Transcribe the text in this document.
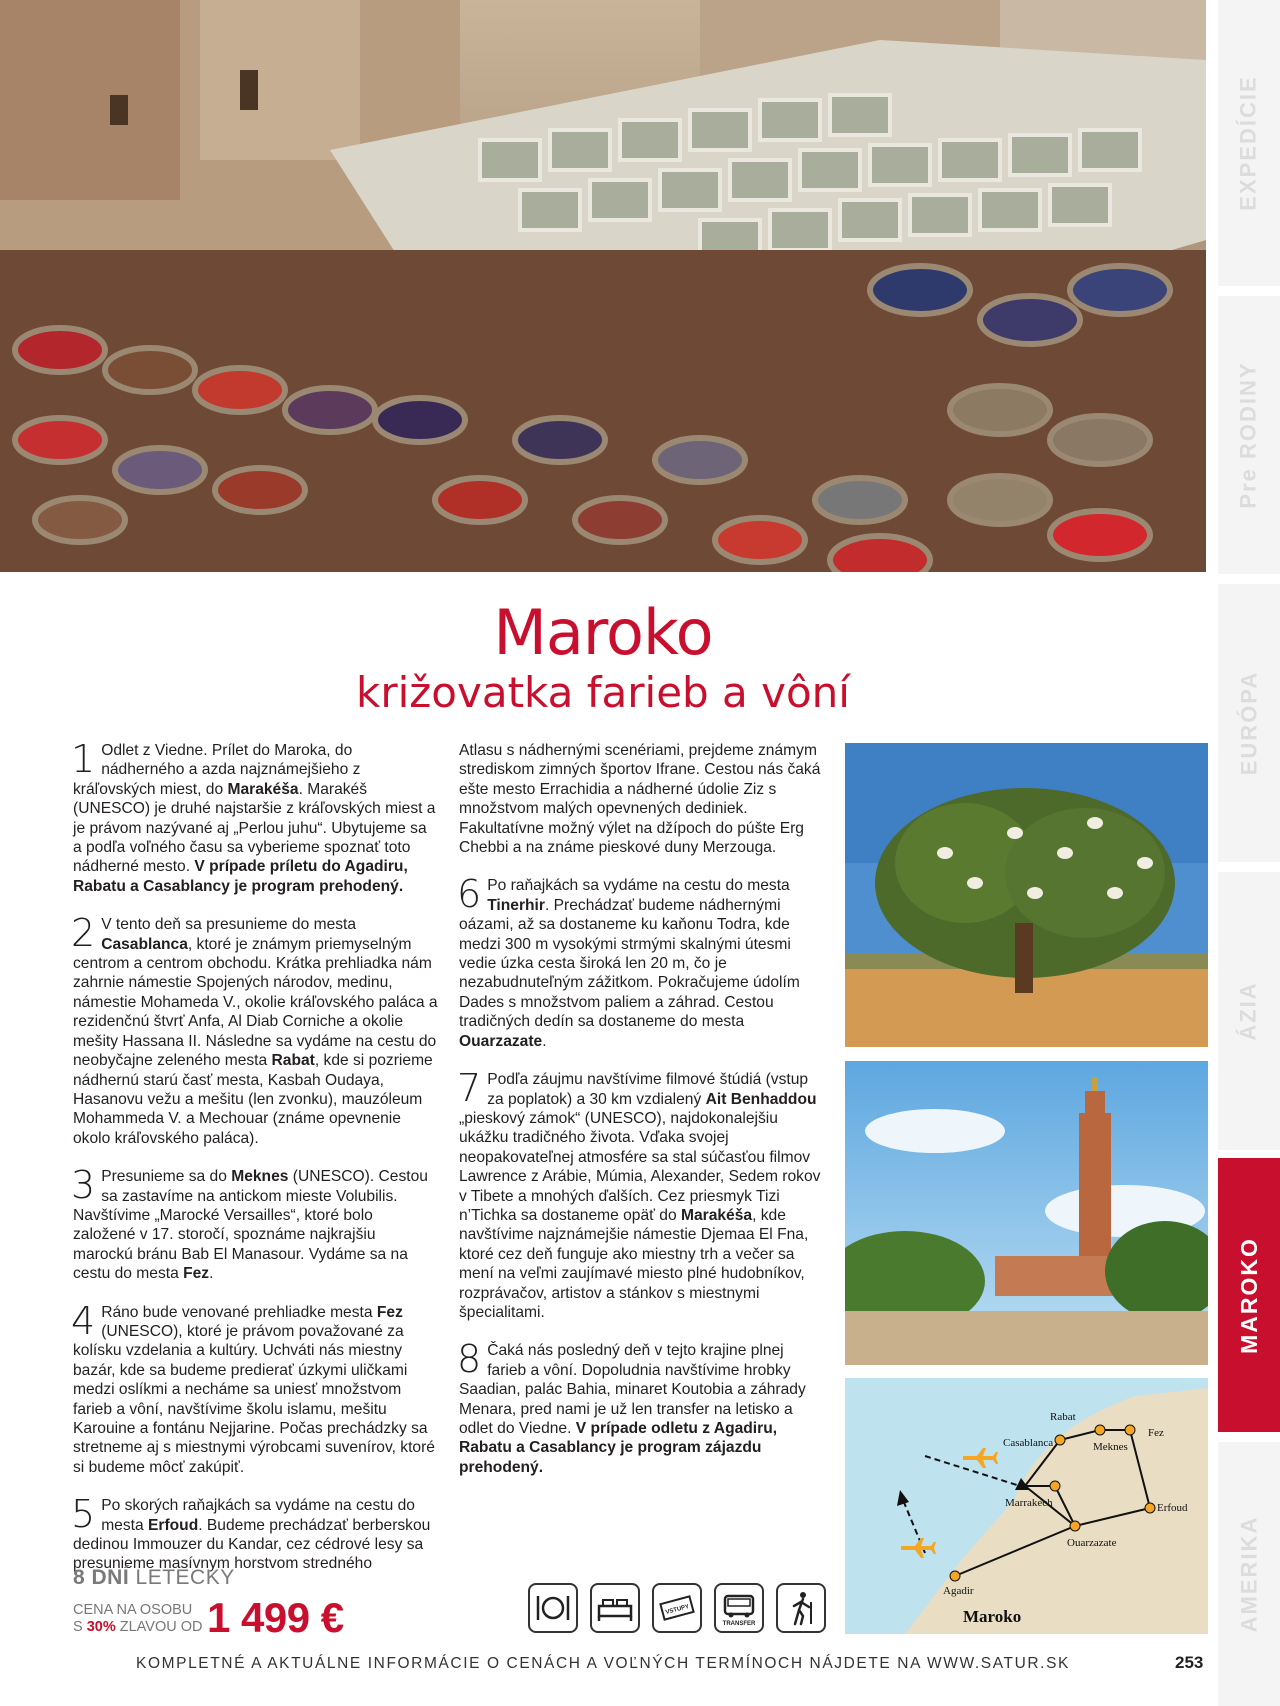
EXPEDÍCIE
Pre RODINY
EURÓPA
ÁZIA
MAROKO
AMERIKA
Maroko
križovatka farieb a vôní
1 Odlet z Viedne. Prílet do Maroka, do nádherného a azda najznámejšieho z kráľovských miest, do Marakéša. Marakéš (UNESCO) je druhé najstaršie z kráľovských miest a je právom nazývané aj „Perlou juhu“. Ubytujeme sa a podľa voľného času sa vyberieme spoznať toto nádherné mesto. V prípade príletu do Agadiru, Rabatu a Casablancy je program prehodený.

2 V tento deň sa presunieme do mesta Casablanca, ktoré je známym priemyselným centrom a centrom obchodu. Krátka prehliadka nám zahrnie námestie Spojených národov, medinu, námestie Mohameda V., okolie kráľovského paláca a rezidenčnú štvrť Anfa, Al Diab Corniche a okolie mešity Hassana II. Následne sa vydáme na cestu do neobyčajne zeleného mesta Rabat, kde si pozrieme nádhernú starú časť mesta, Kasbah Oudaya, Hasanovu vežu a mešitu (len zvonku), mauzóleum Mohammeda V. a Mechouar (známe opevnenie okolo kráľovského paláca).

3 Presunieme sa do Meknes (UNESCO). Cestou sa zastavíme na antickom mieste Volubilis. Navštívime „Marocké Versailles“, ktoré bolo založené v 17. storočí, spoznáme najkrajšiu marockú bránu Bab El Manasour. Vydáme sa na cestu do mesta Fez.

4 Ráno bude venované prehliadke mesta Fez (UNESCO), ktoré je právom považované za kolísku vzdelania a kultúry. Uchváti nás miestny bazár, kde sa budeme predierať úzkymi uličkami medzi oslíkmi a necháme sa uniesť množstvom farieb a vôní, navštívime školu islamu, mešitu Karouine a fontánu Nejjarine. Počas prechádzky sa stretneme aj s miestnymi výrobcami suvenírov, ktoré si budeme môcť zakúpiť.

5 Po skorých raňajkách sa vydáme na cestu do mesta Erfoud. Budeme prechádzať berberskou dedinou Immouzer du Kandar, cez cédrové lesy sa presunieme masívnym horstvom stredného

Atlasu s nádhernými scenériami, prejdeme známym strediskom zimných športov Ifrane. Cestou nás čaká ešte mesto Errachidia a nádherné údolie Ziz s množstvom malých opevnených dediniek. Fakultatívne možný výlet na džípoch do púšte Erg Chebbi a na známe pieskové duny Merzouga.

6 Po raňajkách sa vydáme na cestu do mesta Tinerhir. Prechádzať budeme nádhernými oázami, až sa dostaneme ku kaňonu Todra, kde medzi 300 m vysokými strmými skalnými útesmi vedie úzka cesta široká len 20 m, čo je nezabudnuteľným zážitkom. Pokračujeme údolím Dades s množstvom paliem a záhrad. Cestou tradičných dedín sa dostaneme do mesta Ouarzazate.

7 Podľa záujmu navštívime filmové štúdiá (vstup za poplatok) a 30 km vzdialený Ait Benhaddou „pieskový zámok“ (UNESCO), najdokonalejšiu ukážku tradičného života. Vďaka svojej neopakovateľnej atmosfére sa stal súčasťou filmov Lawrence z Arábie, Múmia, Alexander, Sedem rokov v Tibete a mnohých ďalších. Cez priesmyk Tizi n’Tichka sa dostaneme opäť do Marakéša, kde navštívime najznámejšie námestie Djemaa El Fna, ktoré cez deň funguje ako miestny trh a večer sa mení na veľmi zaujímavé miesto plné hudobníkov, rozprávačov, artistov a stánkov s miestnymi špecialitami.

8 Čaká nás posledný deň v tejto krajine plnej farieb a vôní. Dopoludnia navštívime hrobky Saadian, palác Bahia, minaret Koutobia a záhrady Menara, pred nami je už len transfer na letisko a odlet do Viedne. V prípade odletu z Agadiru, Rabatu a Casablancy je program zájazdu prehodený.

Rabat
Casablanca	Meknes
Fez
Marrakech	Erfoud
Ouarzazate
Agadir
Maroko
8 DNÍ LETECKY
CENA NA OSOBU
S 30% ZLAVOU OD 1 499 €	VSTUPY
TRANSFER
KOMPLETNÉ A AKTUÁLNE INFORMÁCIE O CENÁCH A VOĽNÝCH TERMÍNOCH NÁJDETE NA WWW.SATUR.SK	253
